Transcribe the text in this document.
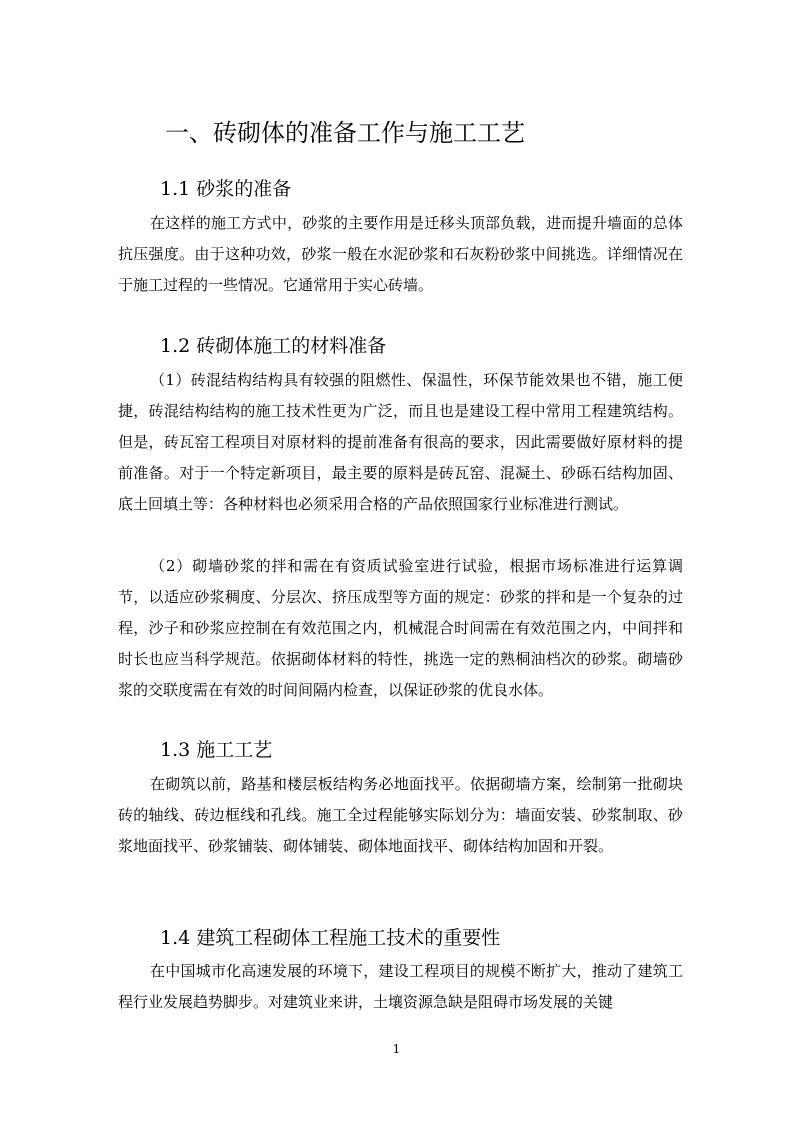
一、砖砌体的准备工作与施工工艺
1.1 砂浆的准备

在这样的施工方式中，砂浆的主要作用是迁移头顶部负载，进而提升墙面的总体抗压强度。由于这种功效，砂浆一般在水泥砂浆和石灰粉砂浆中间挑选。详细情况在于施工过程的一些情况。它通常用于实心砖墙。

1.2 砖砌体施工的材料准备

（1）砖混结构结构具有较强的阻燃性、保温性，环保节能效果也不错，施工便捷，砖混结构结构的施工技术性更为广泛，而且也是建设工程中常用工程建筑结构。但是，砖瓦窑工程项目对原材料的提前准备有很高的要求，因此需要做好原材料的提前准备。对于一个特定新项目，最主要的原料是砖瓦窑、混凝土、砂砾石结构加固、底土回填土等：各种材料也必须采用合格的产品依照国家行业标准进行测试。

（2）砌墙砂浆的拌和需在有资质试验室进行试验，根据市场标准进行运算调节，以适应砂浆稠度、分层次、挤压成型等方面的规定：砂浆的拌和是一个复杂的过程，沙子和砂浆应控制在有效范围之内，机械混合时间需在有效范围之内，中间拌和时长也应当科学规范。依据砌体材料的特性，挑选一定的熟桐油档次的砂浆。砌墙砂浆的交联度需在有效的时间间隔内检查，以保证砂浆的优良水体。

1.3 施工工艺

在砌筑以前，路基和楼层板结构务必地面找平。依据砌墙方案，绘制第一批砌块砖的轴线、砖边框线和孔线。施工全过程能够实际划分为：墙面安装、砂浆制取、砂浆地面找平、砂浆铺装、砌体铺装、砌体地面找平、砌体结构加固和开裂。

1.4 建筑工程砌体工程施工技术的重要性

在中国城市化高速发展的环境下，建设工程项目的规模不断扩大，推动了建筑工程行业发展趋势脚步。对建筑业来讲，土壤资源急缺是阻碍市场发展的关键

1
